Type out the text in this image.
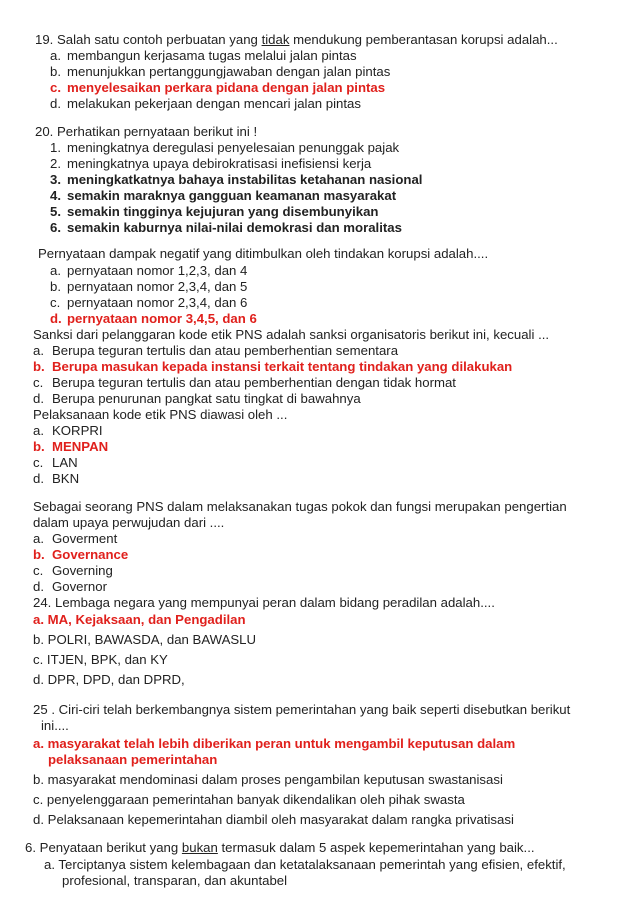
19. Salah satu contoh perbuatan yang tidak mendukung pemberantasan korupsi adalah...
a. membangun kerjasama tugas melalui jalan pintas
b. menunjukkan pertanggungjawaban dengan jalan pintas
c. menyelesaikan perkara pidana dengan jalan pintas
d. melakukan pekerjaan dengan mencari jalan pintas
20. Perhatikan pernyataan berikut ini !
1. meningkatnya deregulasi penyelesaian penunggak pajak
2. meningkatnya upaya debirokratisasi inefisiensi kerja
3. meningkatkatnya bahaya instabilitas ketahanan nasional
4. semakin maraknya gangguan keamanan masyarakat
5. semakin tingginya kejujuran yang disembunyikan
6. semakin kaburnya nilai-nilai demokrasi dan moralitas
Pernyataan dampak negatif yang ditimbulkan oleh tindakan korupsi adalah....
a. pernyataan nomor 1,2,3, dan 4
b. pernyataan nomor 2,3,4, dan 5
c. pernyataan nomor 2,3,4, dan 6
d. pernyataan nomor 3,4,5, dan 6
Sanksi dari pelanggaran kode etik PNS adalah sanksi organisatoris berikut ini, kecuali ...
a. Berupa teguran tertulis dan atau pemberhentian sementara
b. Berupa masukan kepada instansi terkait tentang tindakan yang dilakukan
c. Berupa teguran tertulis dan atau pemberhentian dengan tidak hormat
d. Berupa penurunan pangkat satu tingkat di bawahnya
Pelaksanaan kode etik PNS diawasi oleh ...
a. KORPRI
b. MENPAN
c. LAN
d. BKN
Sebagai seorang PNS dalam melaksanakan tugas pokok dan fungsi merupakan pengertian
dalam upaya perwujudan dari ....
a. Goverment
b. Governance
c. Governing
d. Governor
24. Lembaga negara yang mempunyai peran dalam bidang peradilan adalah....
a. MA, Kejaksaan, dan Pengadilan
b. POLRI, BAWASDA, dan BAWASLU
c. ITJEN, BPK, dan KY
d. DPR, DPD, dan DPRD,
25 . Ciri-ciri telah berkembangnya sistem pemerintahan yang baik seperti disebutkan berikut
ini....
a. masyarakat telah lebih diberikan peran untuk mengambil keputusan dalam
pelaksanaan pemerintahan
b. masyarakat mendominasi dalam proses pengambilan keputusan swastanisasi
c. penyelenggaraan pemerintahan banyak dikendalikan oleh pihak swasta
d. Pelaksanaan kepemerintahan diambil oleh masyarakat dalam rangka privatisasi
6. Penyataan berikut yang bukan termasuk dalam 5 aspek kepemerintahan yang baik...
a. Terciptanya sistem kelembagaan dan ketatalaksanaan pemerintah yang efisien, efektif,
profesional, transparan, dan akuntabel
